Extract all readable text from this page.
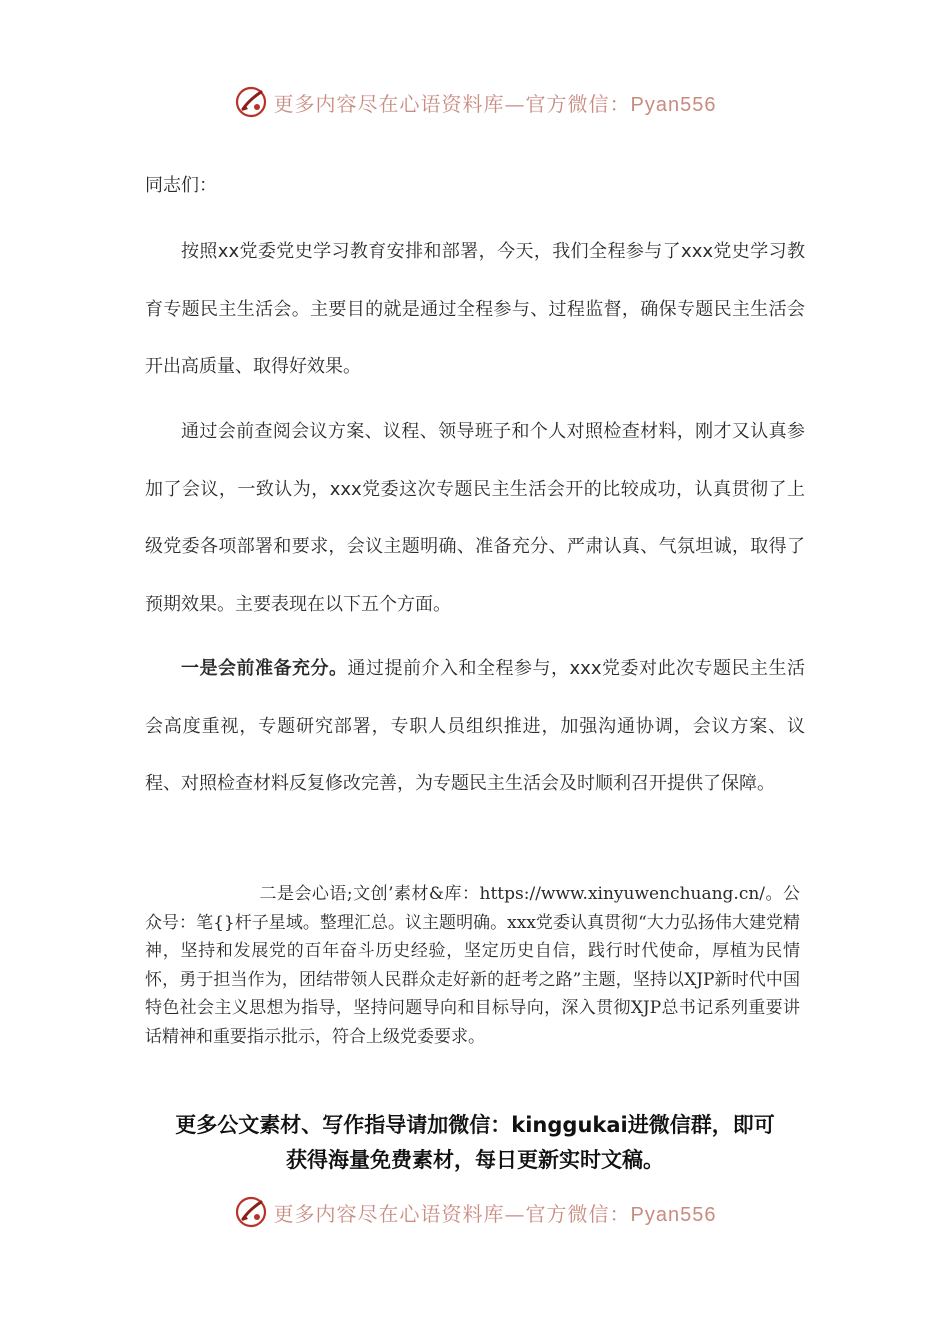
更多内容尽在心语资料库—官方微信：Pyan556

同志们：

按照xx党委党史学习教育安排和部署，今天，我们全程参与了xxx党史学习教育专题民主生活会。主要目的就是通过全程参与、过程监督，确保专题民主生活会开出高质量、取得好效果。

通过会前查阅会议方案、议程、领导班子和个人对照检查材料，刚才又认真参加了会议，一致认为，xxx党委这次专题民主生活会开的比较成功，认真贯彻了上级党委各项部署和要求，会议主题明确、准备充分、严肃认真、气氛坦诚，取得了预期效果。主要表现在以下五个方面。

一是会前准备充分。通过提前介入和全程参与，xxx党委对此次专题民主生活会高度重视，专题研究部署，专职人员组织推进，加强沟通协调，会议方案、议程、对照检查材料反复修改完善，为专题民主生活会及时顺利召开提供了保障。

二是会心语;文创’素材&库：https://www.xinyuwenchuang.cn/。公众号：笔{}杆子星域。整理汇总。议主题明确。xxx党委认真贯彻“大力弘扬伟大建党精神，坚持和发展党的百年奋斗历史经验，坚定历史自信，践行时代使命，厚植为民情怀，勇于担当作为，团结带领人民群众走好新的赶考之路”主题，坚持以XJP新时代中国特色社会主义思想为指导，坚持问题导向和目标导向，深入贯彻XJP总书记系列重要讲话精神和重要指示批示，符合上级党委要求。

更多公文素材、写作指导请加微信：kinggukai进微信群，即可
获得海量免费素材，每日更新实时文稿。
更多内容尽在心语资料库—官方微信：Pyan556
